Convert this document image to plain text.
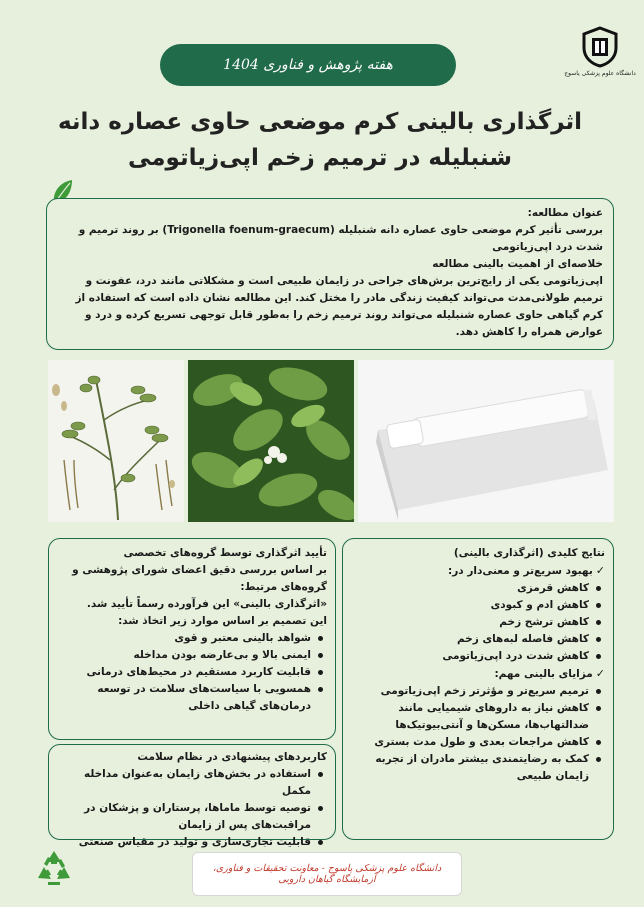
هفته پژوهش و فناوری 1404
دانشگاه علوم پزشکی یاسوج
اثرگذاری بالینی کرم موضعی حاوی عصاره دانه
شنبلیله در ترمیم زخم اپی‌زیاتومی
عنوان مطالعه:
بررسی تأثیر کرم موضعی حاوی عصاره دانه شنبلیله (Trigonella foenum-graecum) بر روند ترمیم و شدت درد اپی‌زیاتومی
خلاصه‌ای از اهمیت بالینی مطالعه
اپی‌زیاتومی یکی از رایج‌ترین برش‌های جراحی در زایمان طبیعی است و مشکلاتی مانند درد، عفونت و ترمیم طولانی‌مدت می‌تواند کیفیت زندگی مادر را مختل کند. این مطالعه نشان داده است که استفاده از کرم گیاهی حاوی عصاره شنبلیله می‌تواند روند ترمیم زخم را به‌طور قابل توجهی تسریع کرده و درد و عوارض همراه را کاهش دهد.
تأیید اثرگذاری توسط گروه‌های تخصصی
بر اساس بررسی دقیق اعضای شورای پژوهشی و گروه‌های مرتبط:
«اثرگذاری بالینی» این فرآورده رسماً تأیید شد.
این تصمیم بر اساس موارد زیر اتخاذ شد:
شواهد بالینی معتبر و قوی
ایمنی بالا و بی‌عارضه بودن مداخله
قابلیت کاربرد مستقیم در محیط‌های درمانی
همسویی با سیاست‌های سلامت در توسعه درمان‌های گیاهی داخلی
کاربردهای پیشنهادی در نظام سلامت
استفاده در بخش‌های زایمان به‌عنوان مداخله مکمل
توصیه توسط ماماها، پرستاران و پزشکان در مراقبت‌های پس از زایمان
قابلیت تجاری‌سازی و تولید در مقیاس صنعتی
نتایج کلیدی (اثرگذاری بالینی)
✓بهبود سریع‌تر و معنی‌دار در:
کاهش قرمزی
کاهش ادم و کبودی
کاهش ترشح زخم
کاهش فاصله لبه‌های زخم
کاهش شدت درد اپی‌زیاتومی
✓مزایای بالینی مهم:
ترمیم سریع‌تر و مؤثرتر زخم اپی‌زیاتومی
کاهش نیاز به داروهای شیمیایی مانند ضدالتهاب‌ها، مسکن‌ها و آنتی‌بیوتیک‌ها
کاهش مراجعات بعدی و طول مدت بستری
کمک به رضایتمندی بیشتر مادران از تجربه زایمان طبیعی
دانشگاه علوم پزشکی یاسوج - معاونت تحقیقات و فناوری، آزمایشگاه گیاهان دارویی
